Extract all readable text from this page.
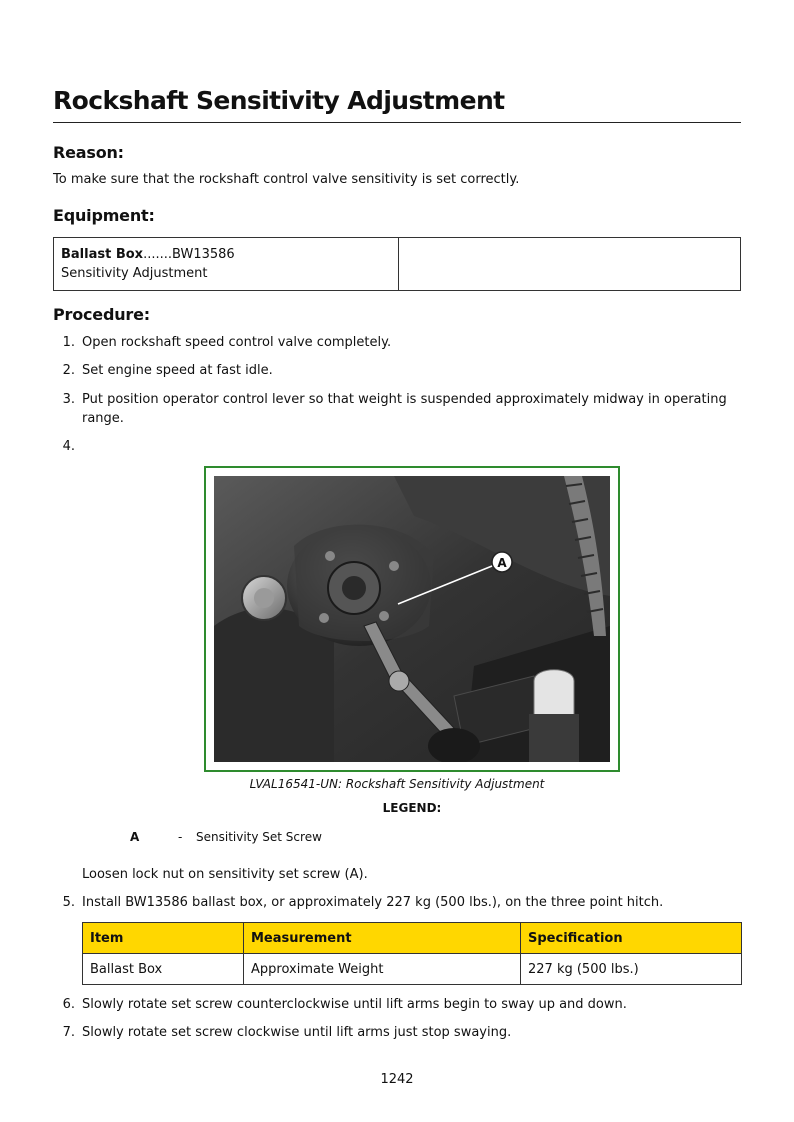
Rockshaft Sensitivity Adjustment
Reason:
To make sure that the rockshaft control valve sensitivity is set correctly.
Equipment:
Ballast Box.......BW13586
Sensitivity Adjustment

Procedure:
1. Open rockshaft speed control valve completely.
2. Set engine speed at fast idle.
3. Put position operator control lever so that weight is suspended approximately midway in operating range.
4.
A
LVAL16541-UN: Rockshaft Sensitivity Adjustment
LEGEND:
A	- Sensitivity Set Screw
Loosen lock nut on sensitivity set screw (A).
5. Install BW13586 ballast box, or approximately 227 kg (500 lbs.), on the three point hitch.
Item	Measurement	Specification
Ballast Box	Approximate Weight	227 kg (500 lbs.)
6. Slowly rotate set screw counterclockwise until lift arms begin to sway up and down.
7. Slowly rotate set screw clockwise until lift arms just stop swaying.
1242
